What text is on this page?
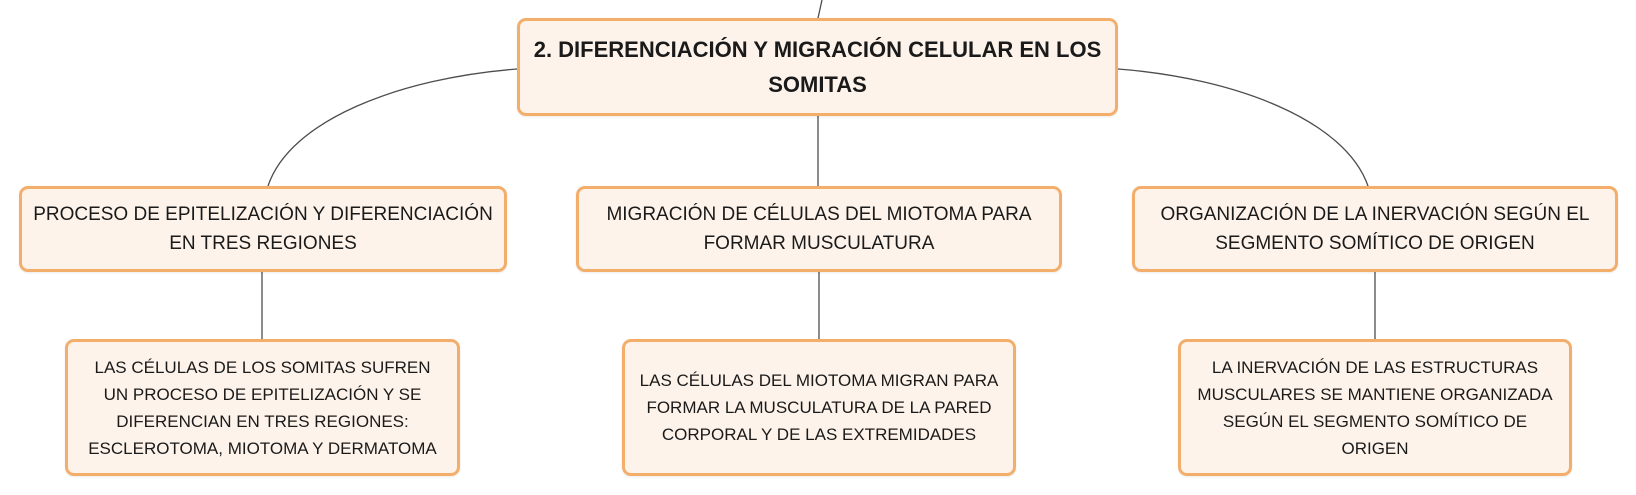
2. DIFERENCIACIÓN Y MIGRACIÓN CELULAR EN LOS SOMITAS
PROCESO DE EPITELIZACIÓN Y DIFERENCIACIÓN EN TRES REGIONES
MIGRACIÓN DE CÉLULAS DEL MIOTOMA PARA FORMAR MUSCULATURA
ORGANIZACIÓN DE LA INERVACIÓN SEGÚN EL SEGMENTO SOMÍTICO DE ORIGEN
LAS CÉLULAS DE LOS SOMITAS SUFREN UN PROCESO DE EPITELIZACIÓN Y SE DIFERENCIAN EN TRES REGIONES: ESCLEROTOMA, MIOTOMA Y DERMATOMA
LAS CÉLULAS DEL MIOTOMA MIGRAN PARA FORMAR LA MUSCULATURA DE LA PARED CORPORAL Y DE LAS EXTREMIDADES
LA INERVACIÓN DE LAS ESTRUCTURAS MUSCULARES SE MANTIENE ORGANIZADA SEGÚN EL SEGMENTO SOMÍTICO DE ORIGEN
